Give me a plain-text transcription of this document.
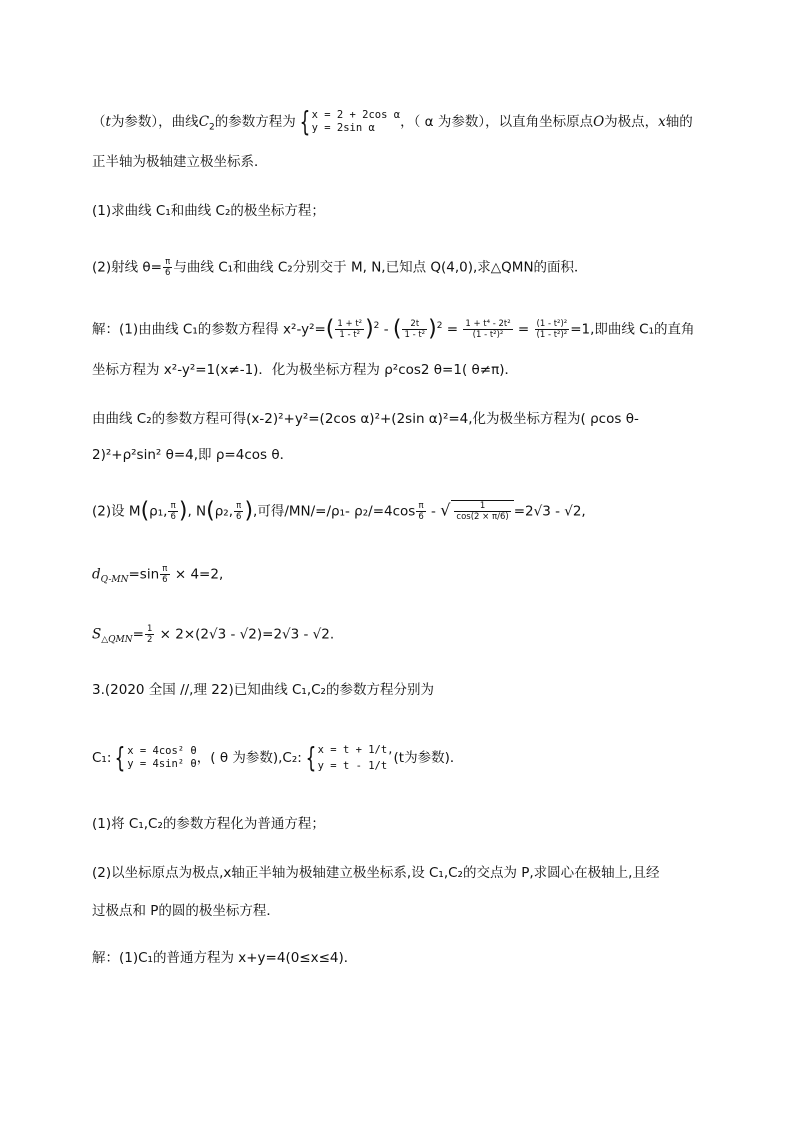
（t为参数），曲线$C_2$的参数方程为 { x = 2 + 2cos α
y = 2sin α	，（ α 为参数），以直角坐标原点O为极点，x轴的
正半轴为极轴建立极坐标系．
(1)求曲线 C₁和曲线 C₂的极坐标方程；
(2)射线 $\theta= \frac{\pi}{6}$ 与曲线 C₁和曲线 C₂分别交于 M, N,已知点 Q(4,0),求△QMN的面积．
解：(1)由曲线 C₁的参数方程得 $x^2-y^2=( \frac{\text{1 + t²}}{\text{1 - t²}} )^2$ - ( $\frac{2t}{\text{1 - t²}} )^2 = \frac{\text{1 + t⁴ - 2t²}}{\text{(1 - t²)²}} = \frac{\text{(1 - t²)²}}{\text{(1 - t²)²}} =1$,即曲线 C₁的直角
坐标方程为 x²-y²=1(x≠-1)．化为极坐标方程为 ρ²cos2 θ=1( θ≠π)．
由曲线 C₂的参数方程可得(x-2)²+y²=(2cos α)²+(2sin α)²=4,化为极坐标方程为( ρcos θ-
2)²+ρ²sin² θ=4,即 ρ=4cos θ．
(2)设 M(ρ₁, $\frac{\pi}{6}$ ), N(ρ₂, $\frac{\pi}{6}$ ),可得/MN/=/ρ₁- $\rho_2/=4\cos \frac{\pi}{6}$ - √ $\frac{1}{\cos(2 \times \pi/6)} =2√3 - √2$,
$d_{Q-MN}=\sin \frac{\pi}{6} \times 4=2$,
$S_{\triangle QMN}= \frac{1}{2} \times 2\times(2√3 - √2)=2√3 - √2$.
3.(2020 全国 //,理 22)已知曲线 C₁,C₂的参数方程分别为
C₁: { x = 4cos² θ
y = 4sin² θ ，( θ 为参数),C₂: { x = t + 1/t,
y = t - 1/t (t为参数)．
(1)将 C₁,C₂的参数方程化为普通方程；
(2)以坐标原点为极点,x轴正半轴为极轴建立极坐标系,设 C₁,C₂的交点为 P,求圆心在极轴上,且经
过极点和 P的圆的极坐标方程．
解：(1)C₁的普通方程为 x+y=4(0≤x≤4)．
